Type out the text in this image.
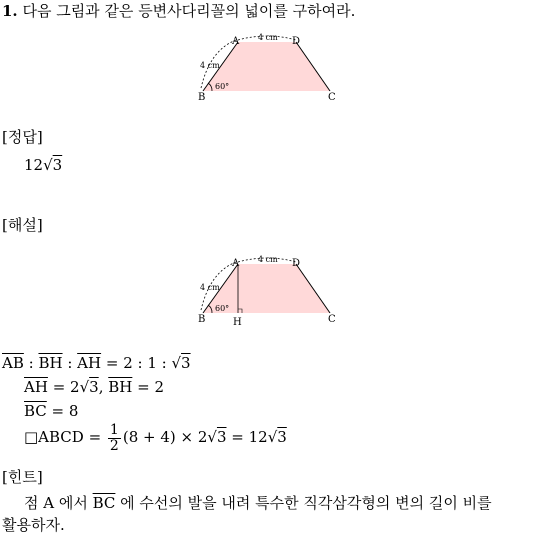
1. 다음 그림과 같은 등변사다리꼴의 넓이를 구하여라.
A	D
B	C
4 cm
4 cm
60°
[정답]
12√3
[해설]
A	D
B	C
H
4 cm
4 cm
60°
$\overline{AB}$ : $\overline{BH}$ : $\overline{AH} = 2$ : 1 : √3
$\overline{AH} = 2√3$, $\overline{BH} = 2$
$\overline{BC} = 8$
□ABCD = $\frac{1}{2} (8 + 4) \times 2√3 = 12√3$
[힌트]
점 A 에서 $\overline{BC}$ 에 수선의 발을 내려 특수한 직각삼각형의 변의 길이 비를
활용하자.
